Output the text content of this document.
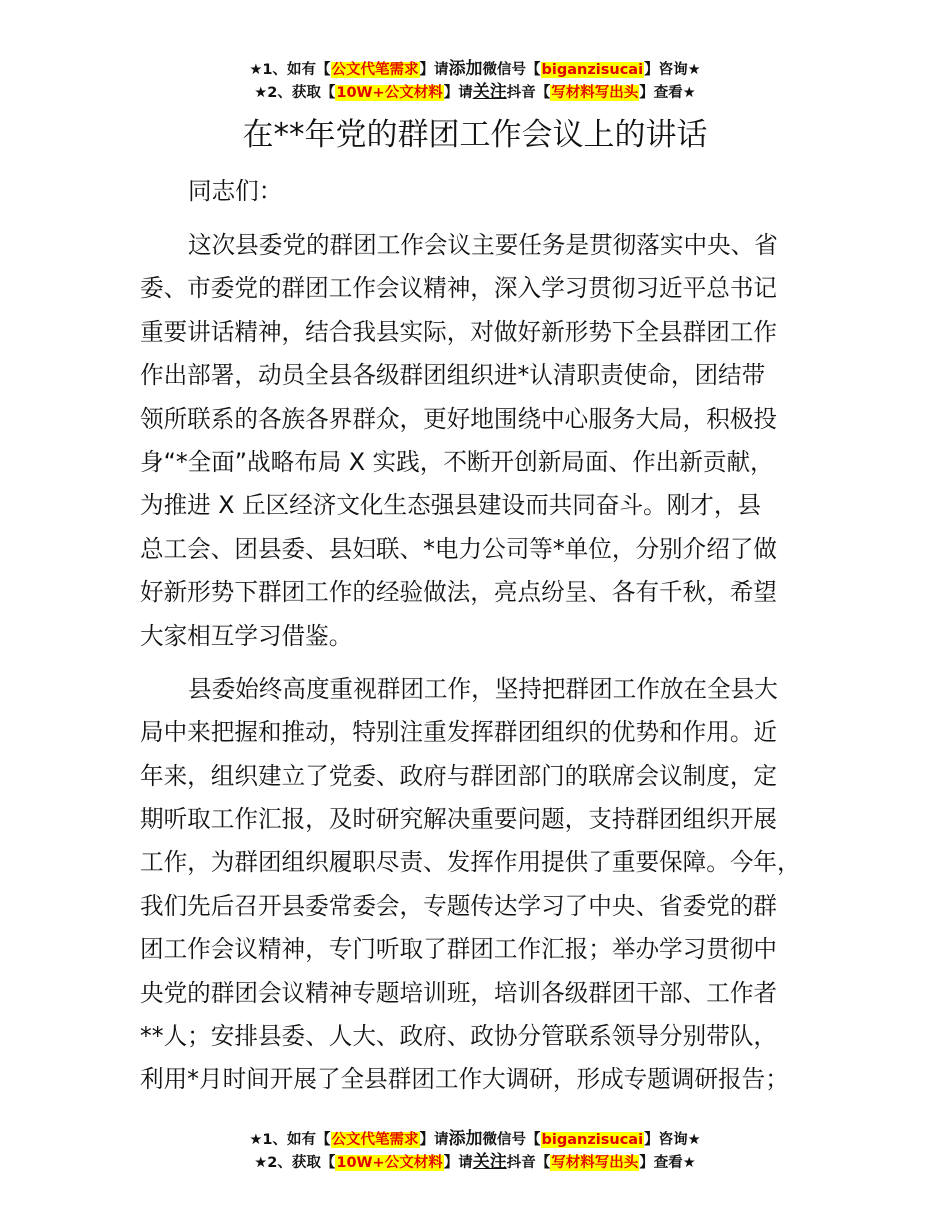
★1、如有【公文代笔需求】请添加微信号【biganzisucai】咨询★
★2、获取【10W+公文材料】请关注抖音【写材料写出头】查看★
在**年党的群团工作会议上的讲话
同志们：
这次县委党的群团工作会议主要任务是贯彻落实中央、省
委、市委党的群团工作会议精神，深入学习贯彻习近平总书记
重要讲话精神，结合我县实际，对做好新形势下全县群团工作
作出部署，动员全县各级群团组织进*认清职责使命，团结带
领所联系的各族各界群众，更好地围绕中心服务大局，积极投
身“*全面”战略布局 X 实践，不断开创新局面、作出新贡献，
为推进 X 丘区经济文化生态强县建设而共同奋斗。刚才，县
总工会、团县委、县妇联、*电力公司等*单位，分别介绍了做
好新形势下群团工作的经验做法，亮点纷呈、各有千秋，希望
大家相互学习借鉴。
县委始终高度重视群团工作，坚持把群团工作放在全县大
局中来把握和推动，特别注重发挥群团组织的优势和作用。近
年来，组织建立了党委、政府与群团部门的联席会议制度，定
期听取工作汇报，及时研究解决重要问题，支持群团组织开展
工作，为群团组织履职尽责、发挥作用提供了重要保障。今年，
我们先后召开县委常委会，专题传达学习了中央、省委党的群
团工作会议精神，专门听取了群团工作汇报；举办学习贯彻中
央党的群团会议精神专题培训班，培训各级群团干部、工作者
**人；安排县委、人大、政府、政协分管联系领导分别带队，
利用*月时间开展了全县群团工作大调研，形成专题调研报告；
★1、如有【公文代笔需求】请添加微信号【biganzisucai】咨询★
★2、获取【10W+公文材料】请关注抖音【写材料写出头】查看★
